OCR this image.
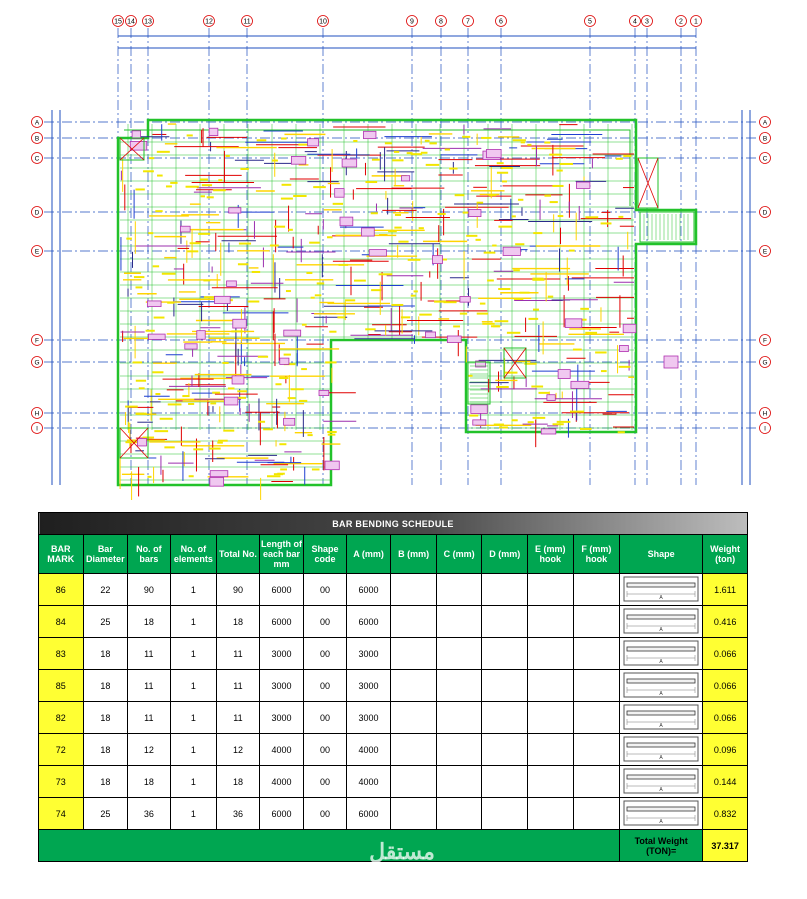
15 14 13	12	11	10	9	8	7	6	5	4 3	2 1
A	A
B	B
C	C
D	D
E	E
F	F
G	G
H	H
I	I
BAR BENDING SCHEDULE														
BAR MARK	Bar Diameter	No. of bars	No. of elements	Total No.	Length of each bar mm	Shape code	A (mm)	B (mm)	C (mm)	D (mm)	E (mm) hook	F (mm) hook	Shape	Weight (ton)
86	22	90	1	90	6000	00	6000						A	1.611
84	25	18	1	18	6000	00	6000						A	0.416
83	18	11	1	11	3000	00	3000						A	0.066
85	18	11	1	11	3000	00	3000						A	0.066
82	18	11	1	11	3000	00	3000						A	0.066
72	18	12	1	12	4000	00	4000						A	0.096
73	18	18	1	18	4000	00	4000						A	0.144
74	25	36	1	36	6000	00	6000						A	0.832
													Total Weight (TON)=	37.317
مستقل
mostaqi.com
